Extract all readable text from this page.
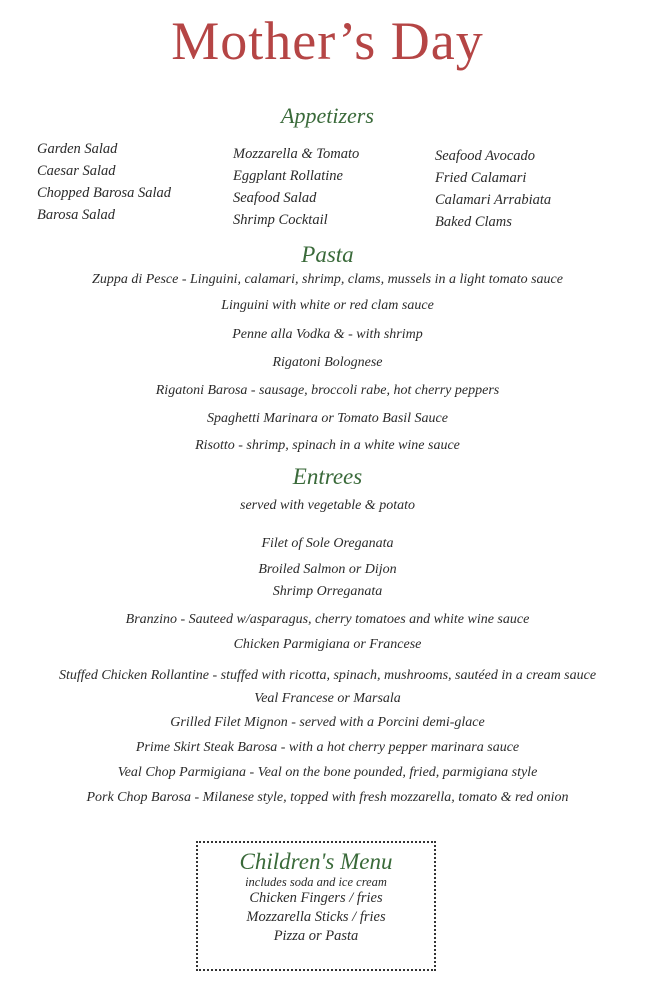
Mother’s Day
Appetizers
Garden Salad
Caesar Salad
Chopped Barosa Salad
Barosa Salad
Mozzarella & Tomato
Eggplant Rollatine
Seafood Salad
Shrimp Cocktail
Seafood Avocado
Fried Calamari
Calamari Arrabiata
Baked Clams
Pasta
Zuppa di Pesce - Linguini, calamari, shrimp, clams, mussels in a light tomato sauce
Linguini with white or red clam sauce
Penne alla Vodka & - with shrimp
Rigatoni Bolognese
Rigatoni Barosa - sausage, broccoli rabe, hot cherry peppers
Spaghetti Marinara or Tomato Basil Sauce
Risotto - shrimp, spinach in a white wine sauce
Entrees
served with vegetable & potato
Filet of Sole Oreganata
Broiled Salmon or Dijon
Shrimp Orreganata
Branzino - Sauteed w/asparagus, cherry tomatoes and white wine sauce
Chicken Parmigiana or Francese
Stuffed Chicken Rollantine - stuffed with ricotta, spinach, mushrooms, sautéed in a cream sauce
Veal Francese or Marsala
Grilled Filet Mignon - served with a Porcini demi-glace
Prime Skirt Steak Barosa - with a hot cherry pepper marinara sauce
Veal Chop Parmigiana - Veal on the bone pounded, fried, parmigiana style
Pork Chop Barosa - Milanese style, topped with fresh mozzarella, tomato & red onion
Children's Menu
includes soda and ice cream
Chicken Fingers / fries
Mozzarella Sticks / fries
Pizza or Pasta
